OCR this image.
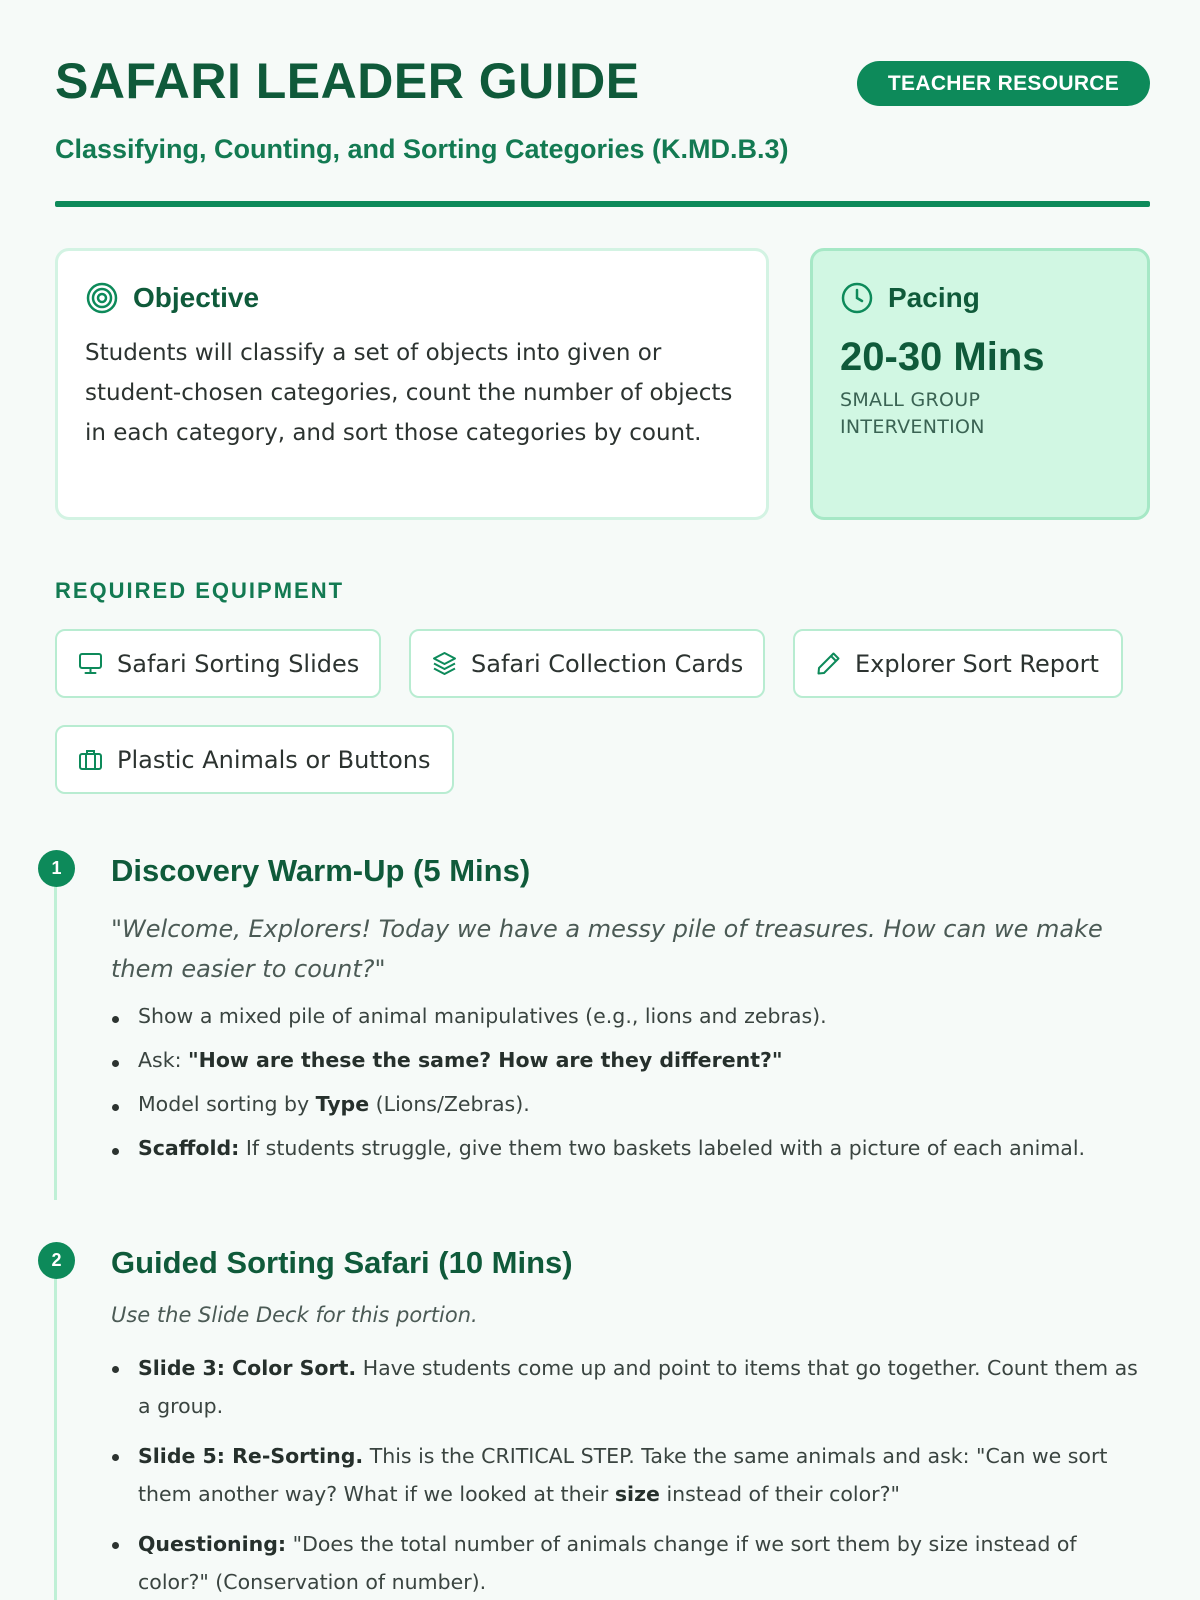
SAFARI LEADER GUIDE	TEACHER RESOURCE
Classifying, Counting, and Sorting Categories (K.MD.B.3)
Objective

Students will classify a set of objects into given or student-chosen categories, count the number of objects in each category, and sort those categories by count.

Pacing
20-30 Mins
SMALL GROUP INTERVENTION
REQUIRED EQUIPMENT
Safari Sorting Slides	Safari Collection Cards	Explorer Sort Report
Plastic Animals or Buttons
1	Discovery Warm-Up (5 Mins)

"Welcome, Explorers! Today we have a messy pile of treasures. How can we make them easier to count?"

Show a mixed pile of animal manipulatives (e.g., lions and zebras).
Ask: "How are these the same? How are they different?"
Model sorting by Type (Lions/Zebras).
Scaffold: If students struggle, give them two baskets labeled with a picture of each animal.
2	Guided Sorting Safari (10 Mins)

Use the Slide Deck for this portion.

Slide 3: Color Sort. Have students come up and point to items that go together. Count them as a group.
Slide 5: Re-Sorting. This is the CRITICAL STEP. Take the same animals and ask: "Can we sort them another way? What if we looked at their size instead of their color?"
Questioning: "Does the total number of animals change if we sort them by size instead of color?" (Conservation of number).
